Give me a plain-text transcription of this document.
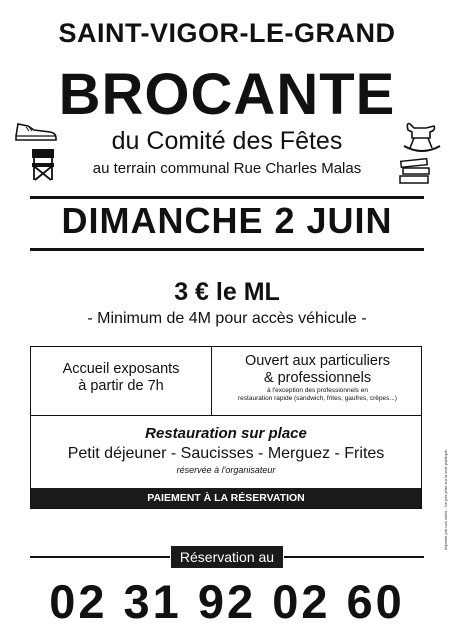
SAINT-VIGOR-LE-GRAND
BROCANTE
du Comité des Fêtes
au terrain communal Rue Charles Malas
DIMANCHE 2 JUIN
3 € le ML
- Minimum de 4M pour accès véhicule -
Accueil exposants
à partir de 7h
Ouvert aux particuliers
& professionnels
à l'exception des professionnels en
restauration rapide (sandwich, frites, gaufres, crêpes...)
Restauration sur place
Petit déjeuner - Saucisses - Merguez - Frites
réservée à l'organisateur
PAIEMENT À LA RÉSERVATION
Réservation au
02 31 92 02 60
Imprimé par nos soins - Ne pas jeter sur la voie publique
